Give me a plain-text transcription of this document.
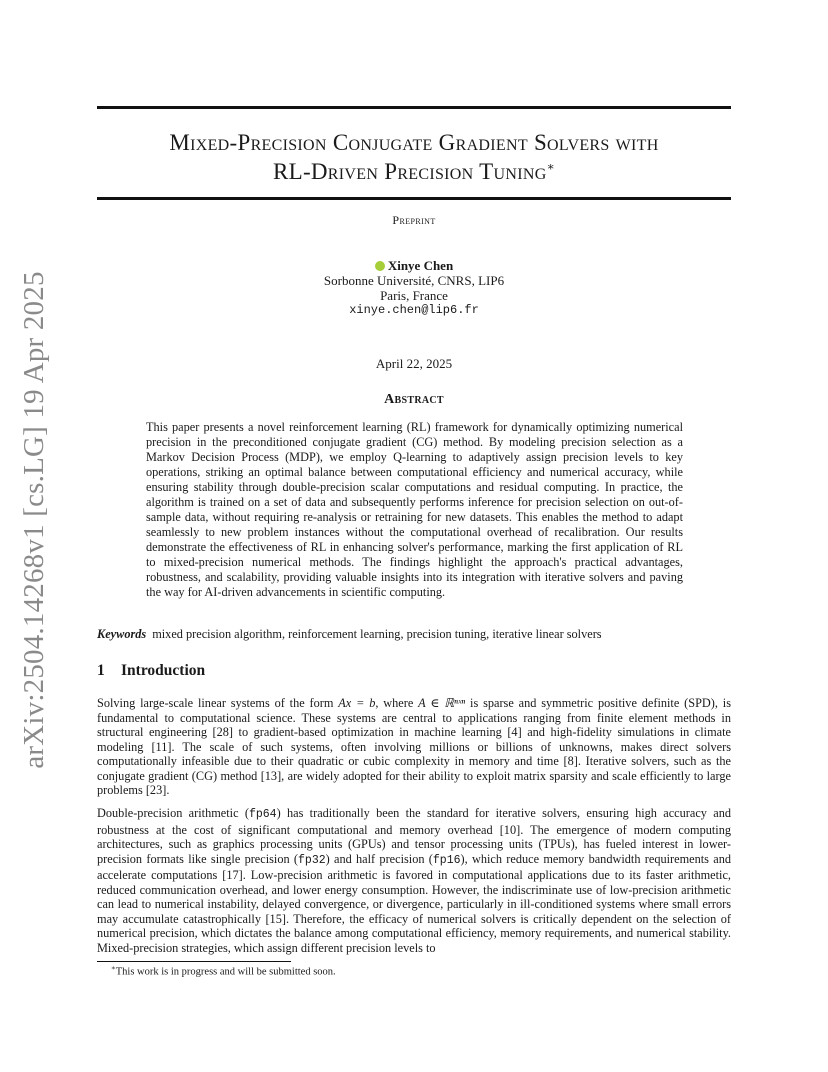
arXiv:2504.14268v1 [cs.LG] 19 Apr 2025
Mixed-Precision Conjugate Gradient Solvers with
RL-Driven Precision Tuning∗
Preprint
Xinye Chen
Sorbonne Université, CNRS, LIP6
Paris, France
xinye.chen@lip6.fr
April 22, 2025
Abstract
This paper presents a novel reinforcement learning (RL) framework for dynamically optimizing numerical precision in the preconditioned conjugate gradient (CG) method. By modeling precision selection as a Markov Decision Process (MDP), we employ Q-learning to adaptively assign precision levels to key operations, striking an optimal balance between computational efficiency and numerical accuracy, while ensuring stability through double-precision scalar computations and residual computing. In practice, the algorithm is trained on a set of data and subsequently performs inference for precision selection on out-of-sample data, without requiring re-analysis or retraining for new datasets. This enables the method to adapt seamlessly to new problem instances without the computational overhead of recalibration. Our results demonstrate the effectiveness of RL in enhancing solver's performance, marking the first application of RL to mixed-precision numerical methods. The findings highlight the approach's practical advantages, robustness, and scalability, providing valuable insights into its integration with iterative solvers and paving the way for AI-driven advancements in scientific computing.
Keywords mixed precision algorithm, reinforcement learning, precision tuning, iterative linear solvers
1 Introduction
Solving large-scale linear systems of the form Ax = b, where A ∈ ℝⁿˣⁿ is sparse and symmetric positive definite (SPD), is fundamental to computational science. These systems are central to applications ranging from finite element methods in structural engineering [28] to gradient-based optimization in machine learning [4] and high-fidelity simulations in climate modeling [11]. The scale of such systems, often involving millions or billions of unknowns, makes direct solvers computationally infeasible due to their quadratic or cubic complexity in memory and time [8]. Iterative solvers, such as the conjugate gradient (CG) method [13], are widely adopted for their ability to exploit matrix sparsity and scale efficiently to large problems [23].
Double-precision arithmetic (fp64) has traditionally been the standard for iterative solvers, ensuring high accuracy and robustness at the cost of significant computational and memory overhead [10]. The emergence of modern computing architectures, such as graphics processing units (GPUs) and tensor processing units (TPUs), has fueled interest in lower-precision formats like single precision (fp32) and half precision (fp16), which reduce memory bandwidth requirements and accelerate computations [17]. Low-precision arithmetic is favored in computational applications due to its faster arithmetic, reduced communication overhead, and lower energy consumption. However, the indiscriminate use of low-precision arithmetic can lead to numerical instability, delayed convergence, or divergence, particularly in ill-conditioned systems where small errors may accumulate catastrophically [15]. Therefore, the efficacy of numerical solvers is critically dependent on the selection of numerical precision, which dictates the balance among computational efficiency, memory requirements, and numerical stability. Mixed-precision strategies, which assign different precision levels to
∗This work is in progress and will be submitted soon.
